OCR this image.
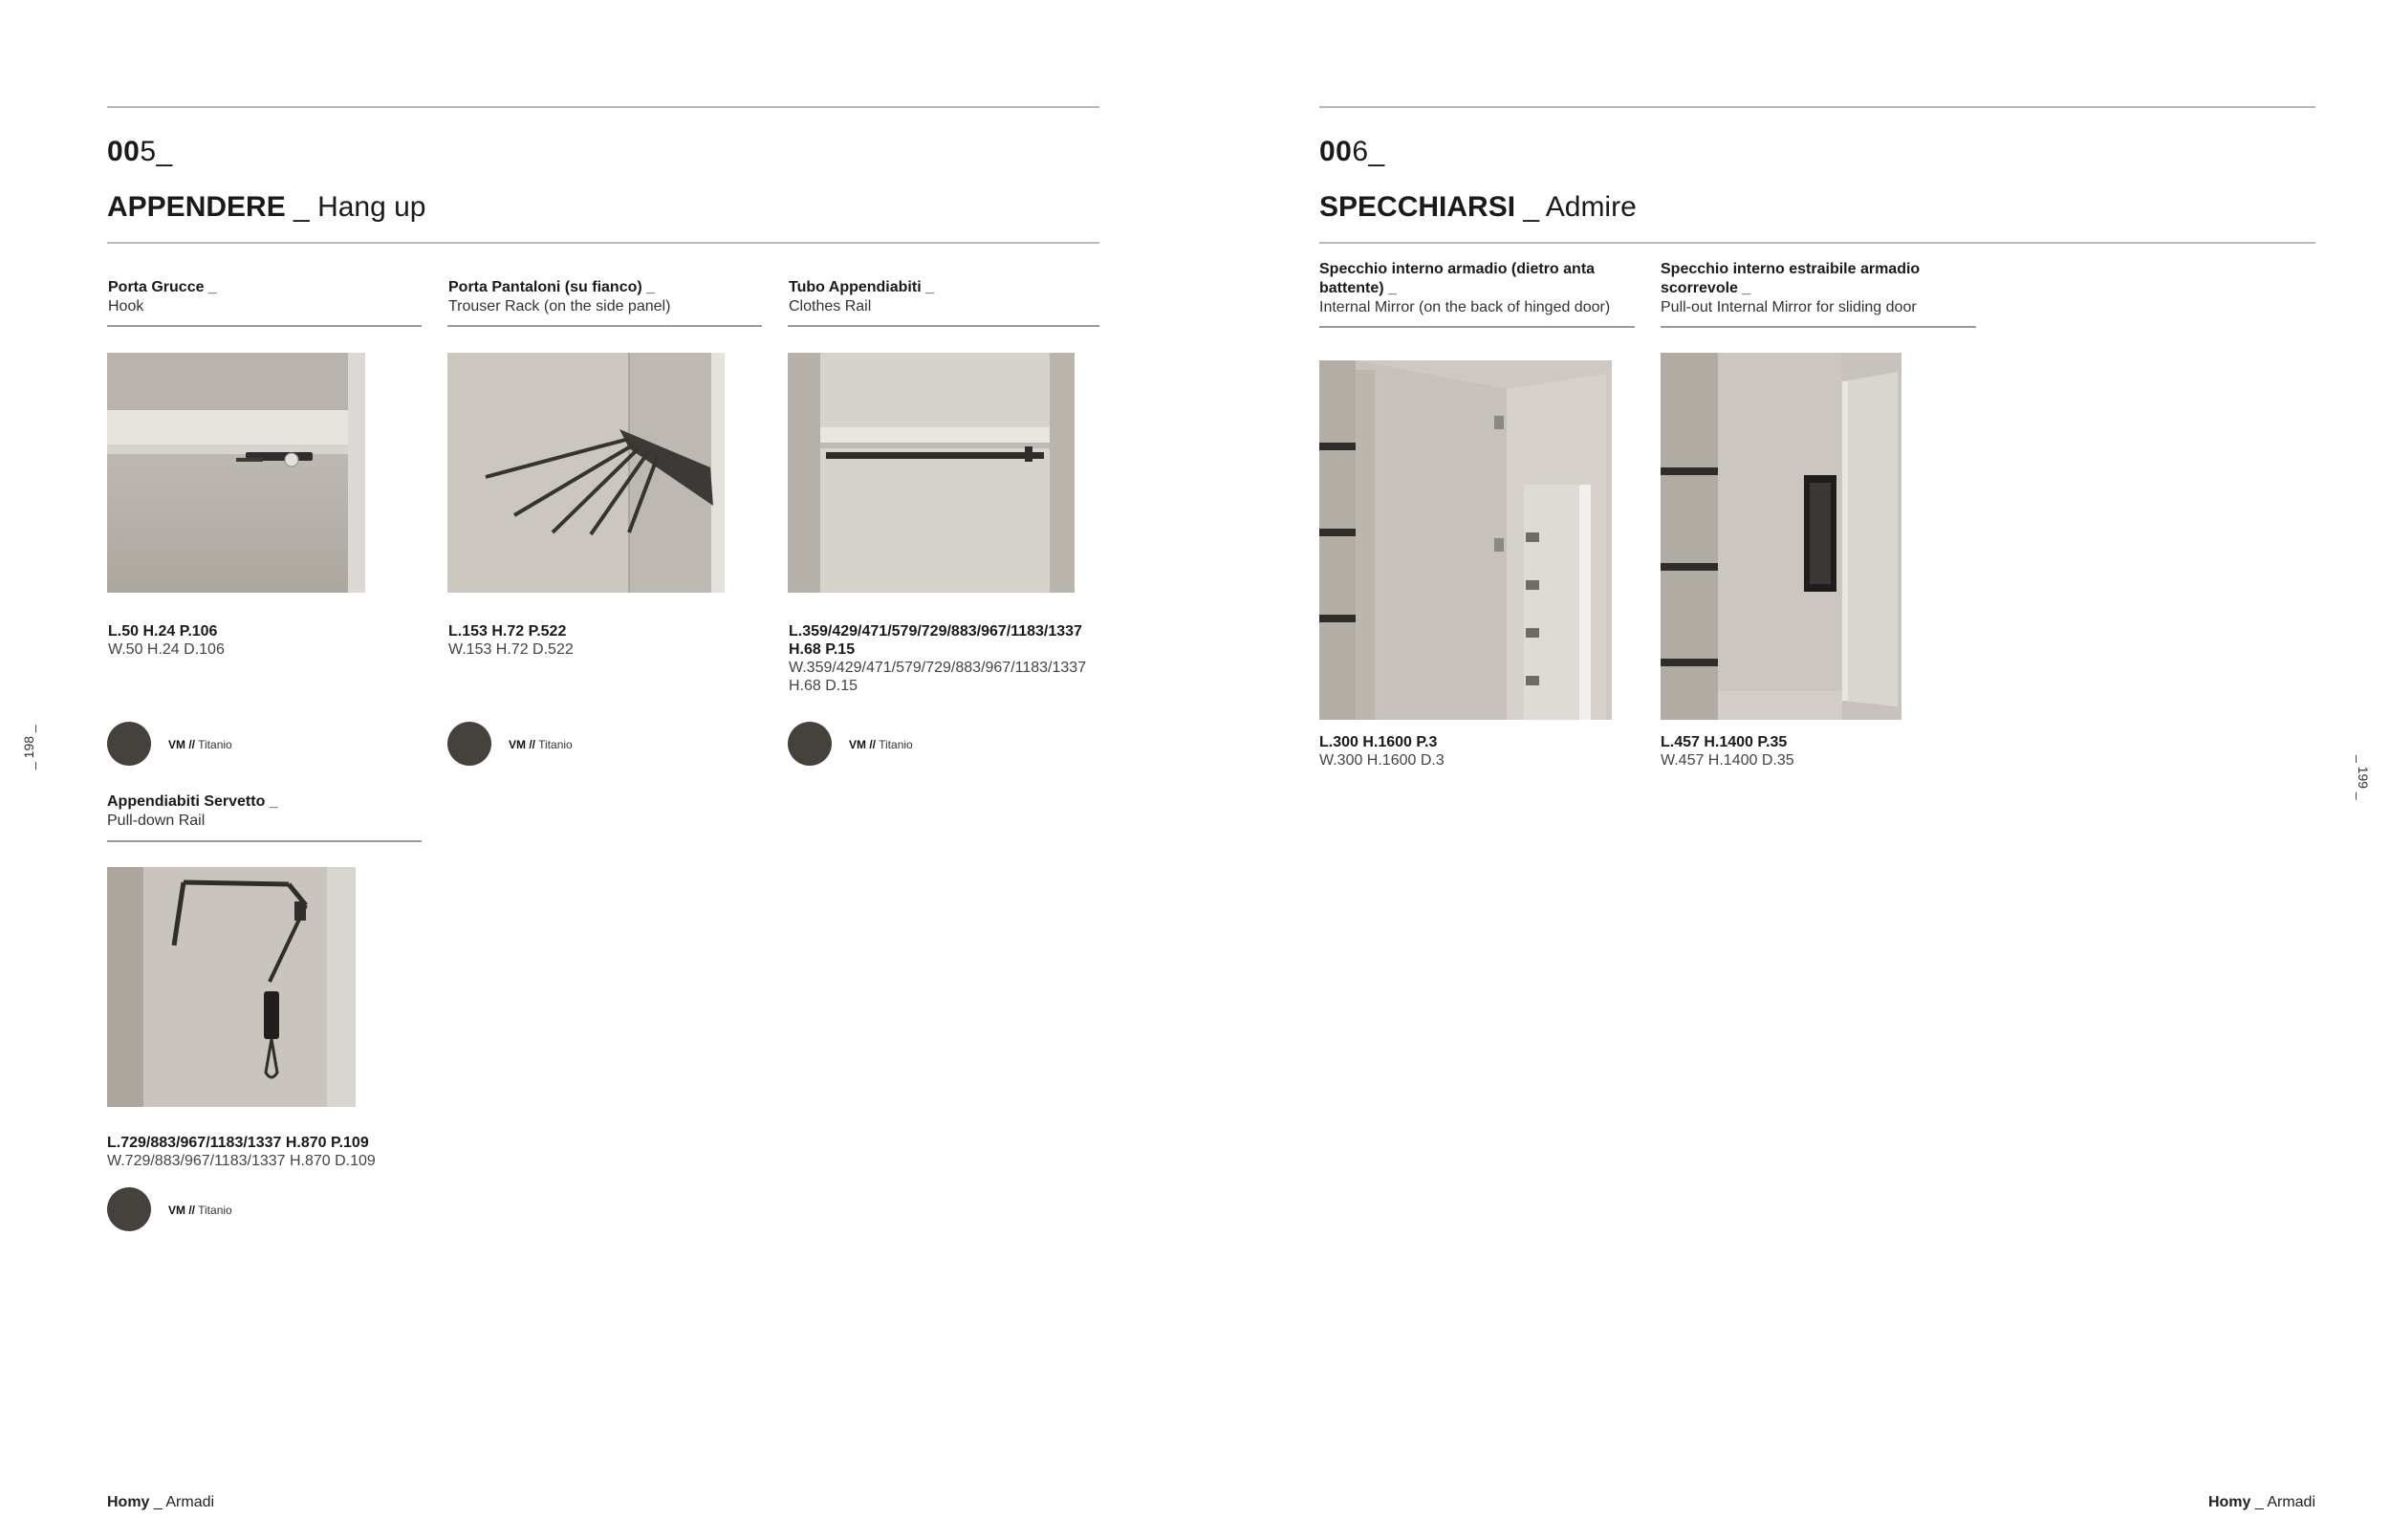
005_
APPENDERE _ Hang up
Porta Grucce _
Hook
L.50 H.24 P.106
W.50 H.24 D.106
VM // Titanio
Porta Pantaloni (su fianco) _
Trouser Rack (on the side panel)
L.153 H.72 P.522
W.153 H.72 D.522
VM // Titanio
Tubo Appendiabiti _
Clothes Rail
L.359/429/471/579/729/883/967/1183/1337
H.68 P.15
W.359/429/471/579/729/883/967/1183/1337
H.68 D.15
VM // Titanio
Appendiabiti Servetto _
Pull-down Rail
L.729/883/967/1183/1337 H.870 P.109
W.729/883/967/1183/1337 H.870 D.109
VM // Titanio
_ 198 _
Homy _ Armadi
006_
SPECCHIARSI _ Admire
Specchio interno armadio (dietro anta
battente) _
Internal Mirror (on the back of hinged door)
L.300 H.1600 P.3
W.300 H.1600 D.3
Specchio interno estraibile armadio
scorrevole _
Pull-out Internal Mirror for sliding door
L.457 H.1400 P.35
W.457 H.1400 D.35	_ 199 _
Homy _ Armadi
